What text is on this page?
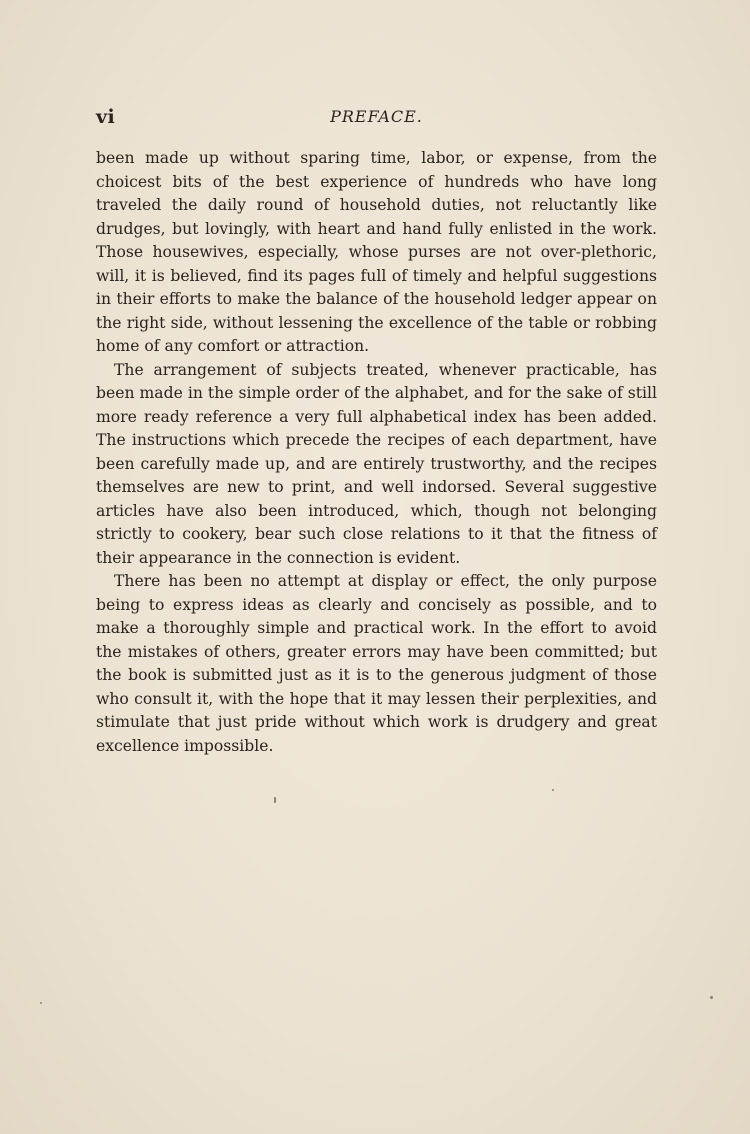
vi	PREFACE.

been made up without sparing time, labor, or expense, from the choicest bits of the best experience of hundreds who have long traveled the daily round of household duties, not reluctantly like drudges, but lovingly, with heart and hand fully enlisted in the work. Those housewives, especially, whose purses are not over-plethoric, will, it is believed, find its pages full of timely and helpful suggestions in their efforts to make the balance of the household ledger appear on the right side, without lessening the excellence of the table or robbing home of any comfort or attraction.

The arrangement of subjects treated, whenever practicable, has been made in the simple order of the alphabet, and for the sake of still more ready reference a very full alphabetical index has been added. The instructions which precede the recipes of each department, have been carefully made up, and are entirely trustworthy, and the recipes themselves are new to print, and well indorsed. Several suggestive articles have also been introduced, which, though not belonging strictly to cookery, bear such close relations to it that the fitness of their appearance in the connection is evident.

There has been no attempt at display or effect, the only purpose being to express ideas as clearly and concisely as possible, and to make a thoroughly simple and practical work. In the effort to avoid the mistakes of others, greater errors may have been committed; but the book is submitted just as it is to the generous judgment of those who consult it, with the hope that it may lessen their perplexities, and stimulate that just pride without which work is drudgery and great excellence impossible.
